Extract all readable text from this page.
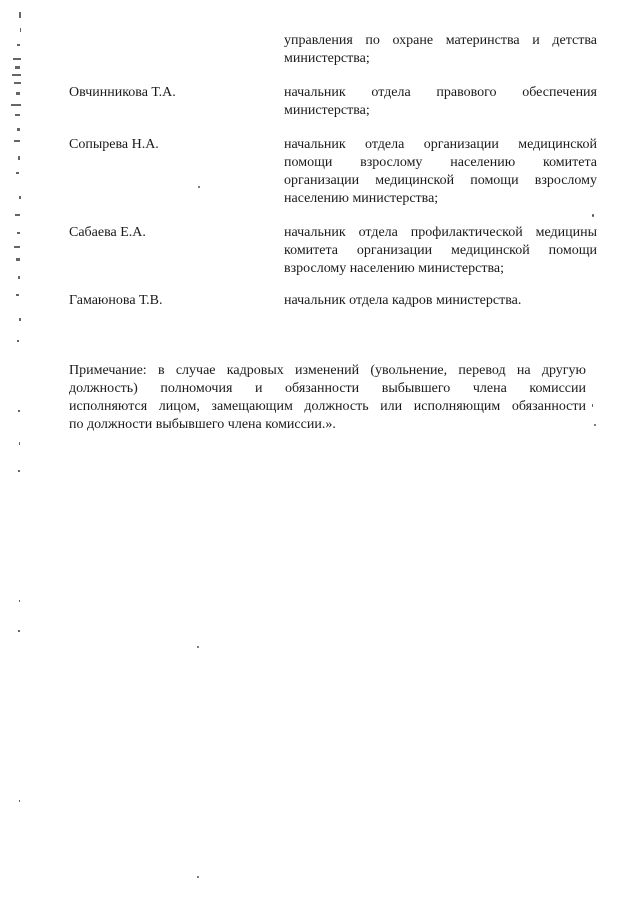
управления по охране материнства и детства
министерства;
Овчинникова Т.А.	начальник отдела правового обеспечения
министерства;
Сопырева Н.А.	начальник отдела организации медицинской
помощи взрослому населению комитета
организации медицинской помощи взрослому
населению министерства;
Сабаева Е.А.	начальник отдела профилактической медицины
комитета организации медицинской помощи
взрослому населению министерства;
Гамаюнова Т.В.	начальник отдела кадров министерства.
Примечание: в случае кадровых изменений (увольнение, перевод на другую
должность) полномочия и обязанности выбывшего члена комиссии
исполняются лицом, замещающим должность или исполняющим обязанности
по должности выбывшего члена комиссии.».
